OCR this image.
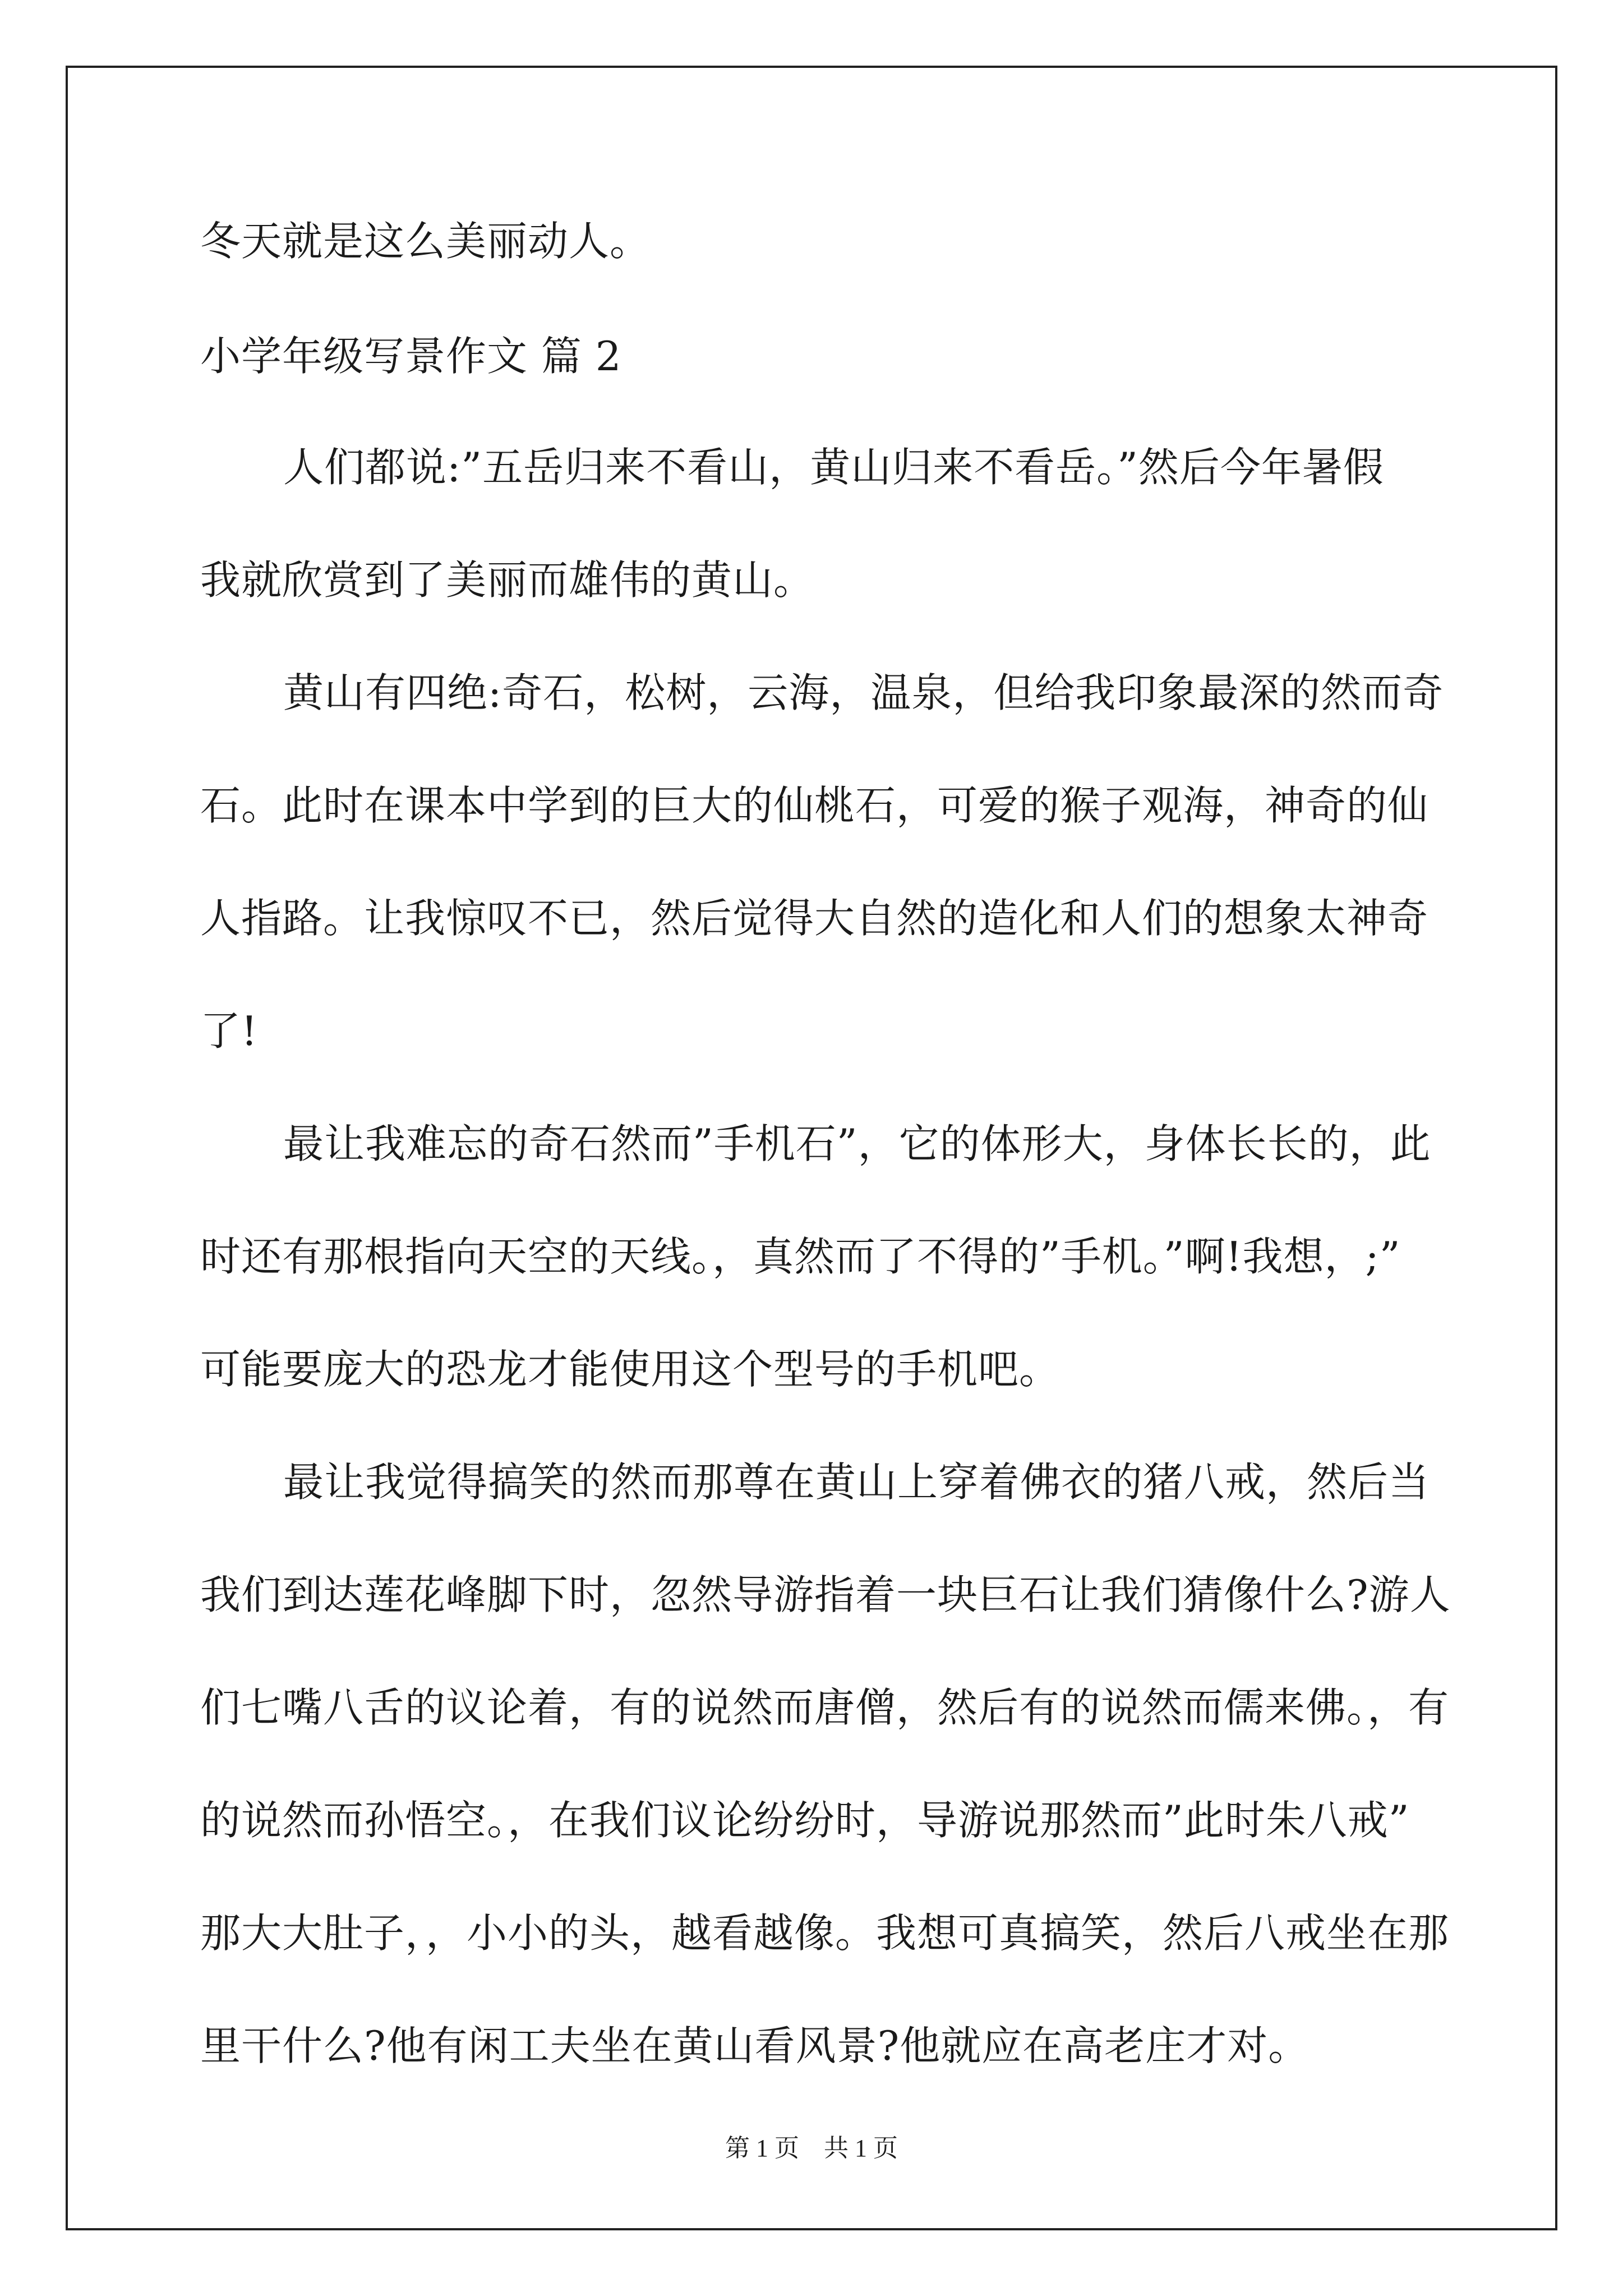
冬天就是这么美丽动人。
小学年级写景作文 篇 2
人们都说:”五岳归来不看山，黄山归来不看岳。”然后今年暑假
我就欣赏到了美丽而雄伟的黄山。
黄山有四绝:奇石，松树，云海，温泉，但给我印象最深的然而奇
石。此时在课本中学到的巨大的仙桃石，可爱的猴子观海，神奇的仙
人指路。让我惊叹不已，然后觉得大自然的造化和人们的想象太神奇
了!
最让我难忘的奇石然而”手机石”，它的体形大，身体长长的，此
时还有那根指向天空的天线。，真然而了不得的”手机。”啊!我想，;”
可能要庞大的恐龙才能使用这个型号的手机吧。
最让我觉得搞笑的然而那尊在黄山上穿着佛衣的猪八戒，然后当
我们到达莲花峰脚下时，忽然导游指着一块巨石让我们猜像什么?游人
们七嘴八舌的议论着，有的说然而唐僧，然后有的说然而儒来佛。，有
的说然而孙悟空。，在我们议论纷纷时，导游说那然而”此时朱八戒”
那大大肚子，，小小的头，越看越像。我想可真搞笑，然后八戒坐在那
里干什么?他有闲工夫坐在黄山看风景?他就应在高老庄才对。
第 1 页 共 1 页
